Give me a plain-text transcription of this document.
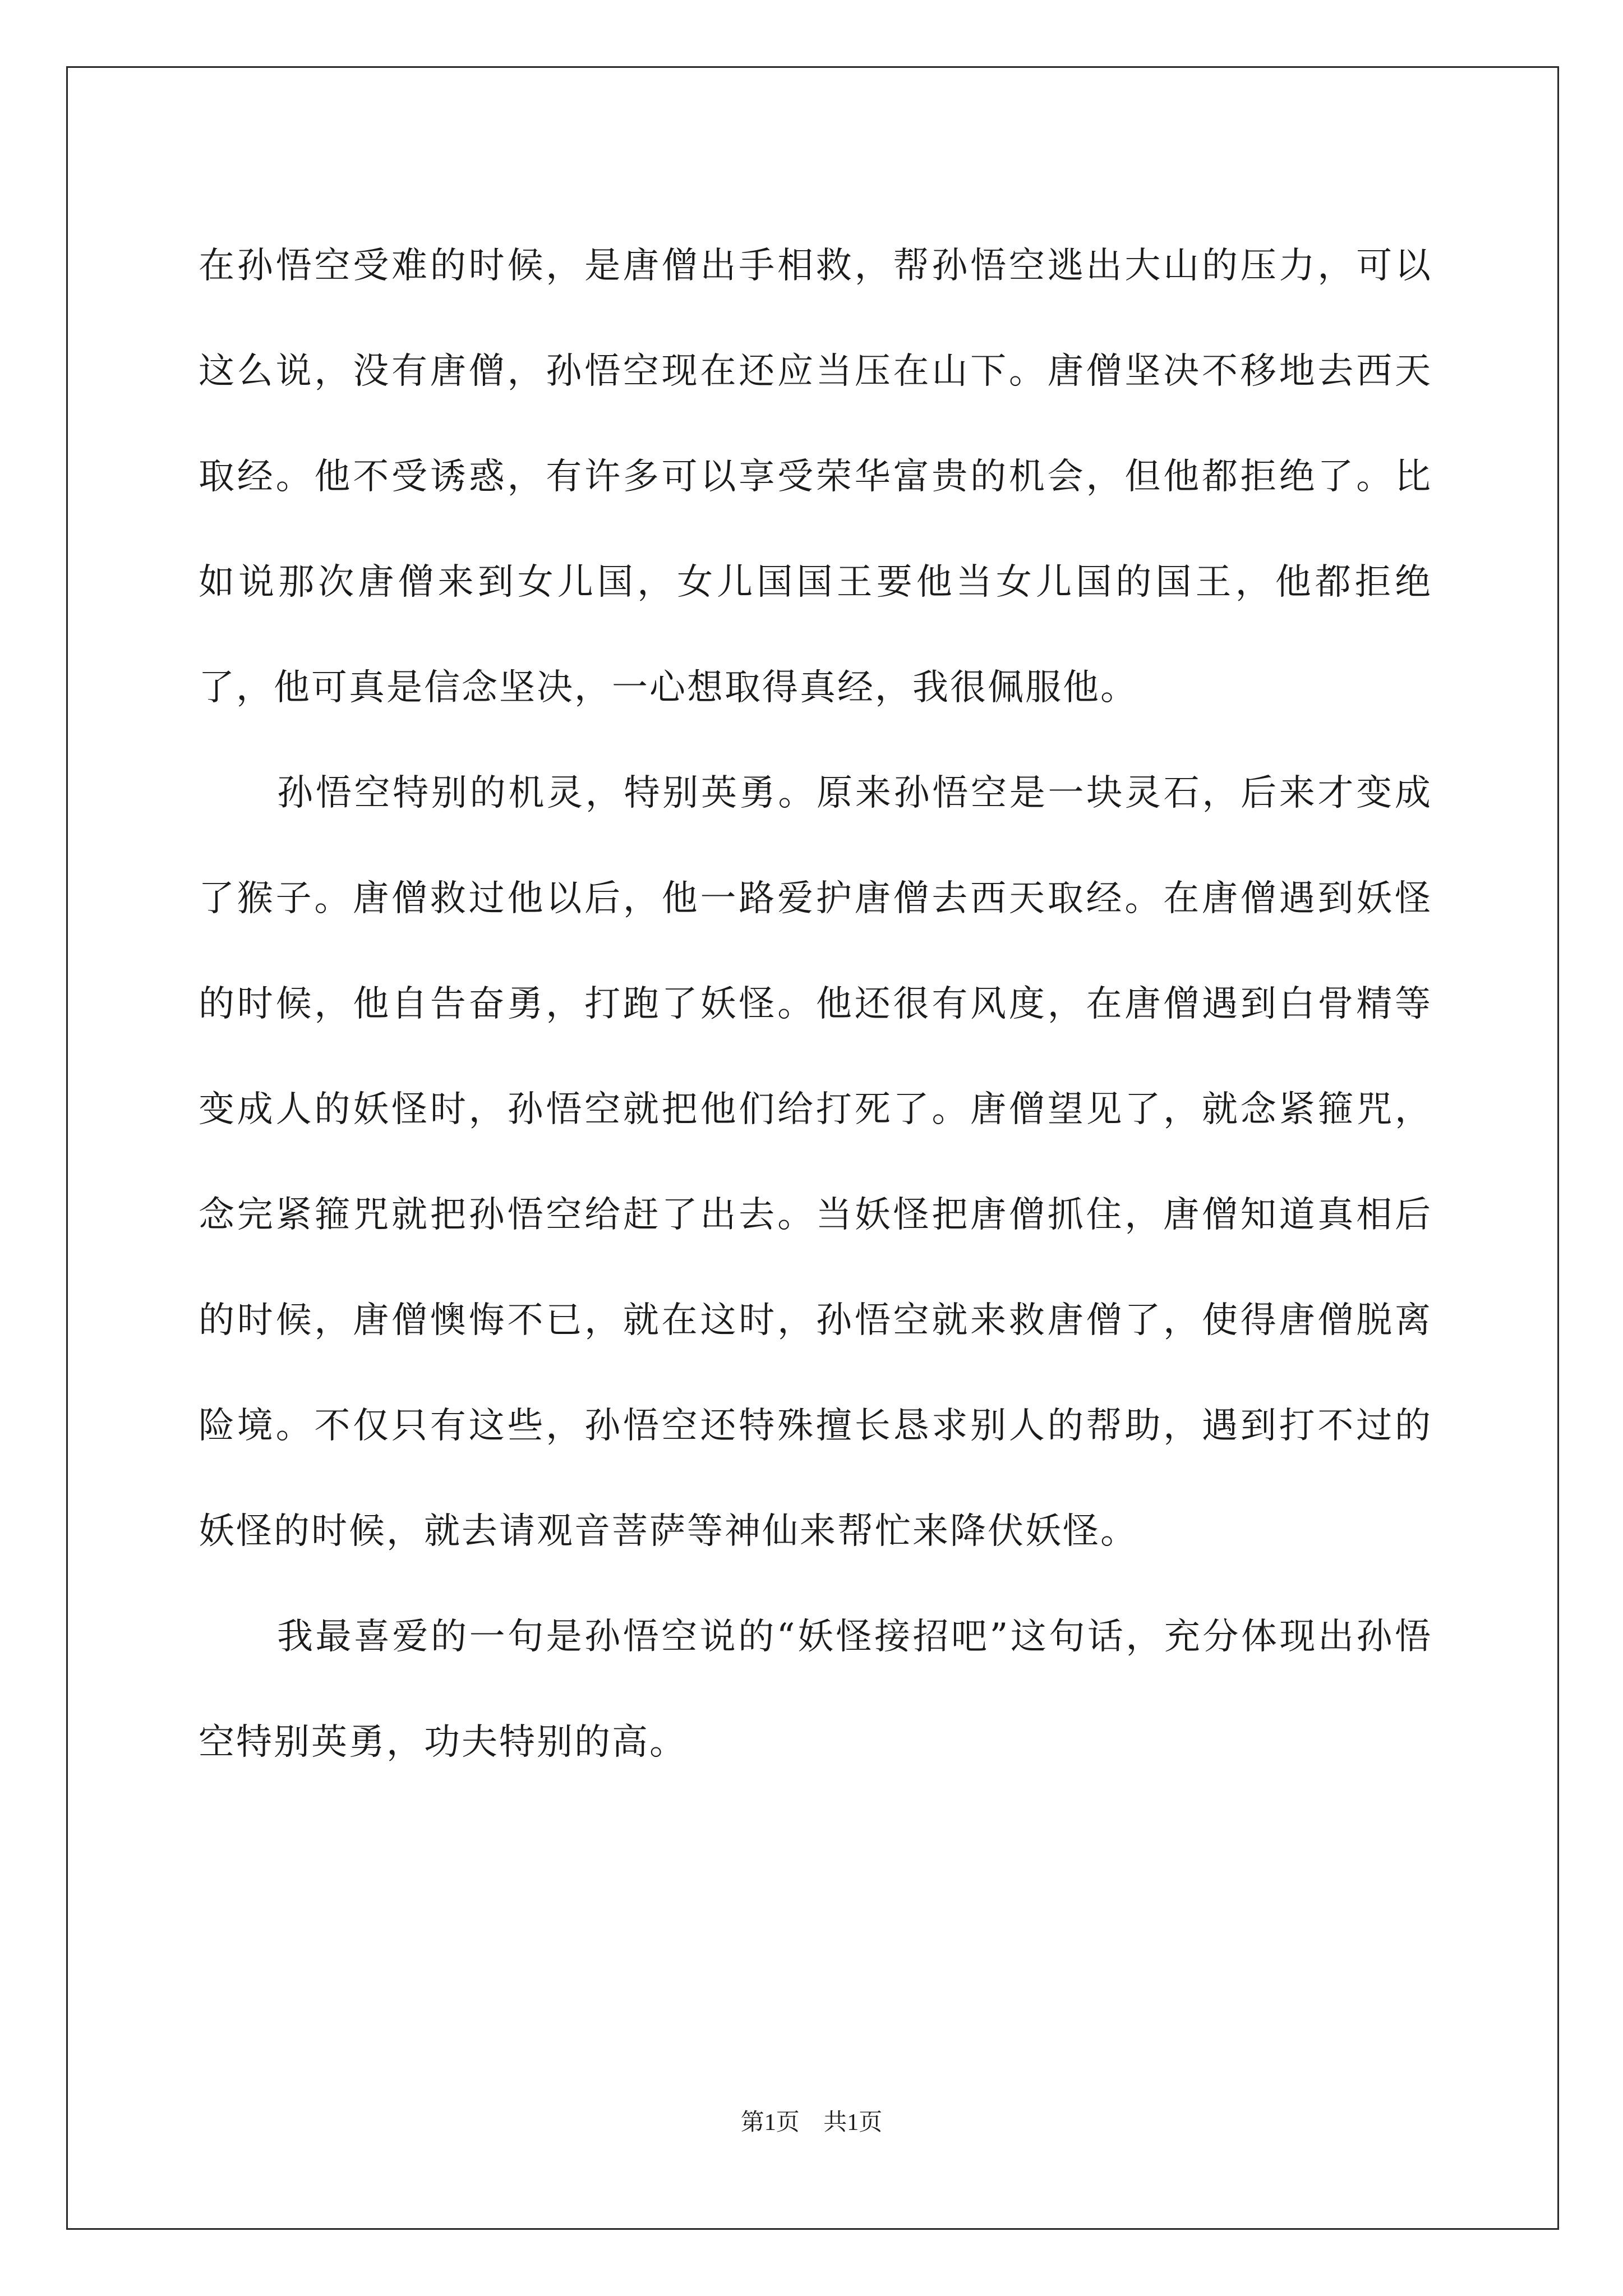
在孙悟空受难的时候，是唐僧出手相救，帮孙悟空逃出大山的压力，可以这么说，没有唐僧，孙悟空现在还应当压在山下。唐僧坚决不移地去西天取经。他不受诱惑，有许多可以享受荣华富贵的机会，但他都拒绝了。比如说那次唐僧来到女儿国，女儿国国王要他当女儿国的国王，他都拒绝了，他可真是信念坚决，一心想取得真经，我很佩服他。

孙悟空特别的机灵，特别英勇。原来孙悟空是一块灵石，后来才变成了猴子。唐僧救过他以后，他一路爱护唐僧去西天取经。在唐僧遇到妖怪的时候，他自告奋勇，打跑了妖怪。他还很有风度，在唐僧遇到白骨精等变成人的妖怪时，孙悟空就把他们给打死了。唐僧望见了，就念紧箍咒，念完紧箍咒就把孙悟空给赶了出去。当妖怪把唐僧抓住，唐僧知道真相后的时候，唐僧懊悔不已，就在这时，孙悟空就来救唐僧了，使得唐僧脱离险境。不仅只有这些，孙悟空还特殊擅长恳求别人的帮助，遇到打不过的妖怪的时候，就去请观音菩萨等神仙来帮忙来降伏妖怪。

我最喜爱的一句是孙悟空说的“妖怪接招吧”这句话，充分体现出孙悟空特别英勇，功夫特别的高。

第1页 共1页
